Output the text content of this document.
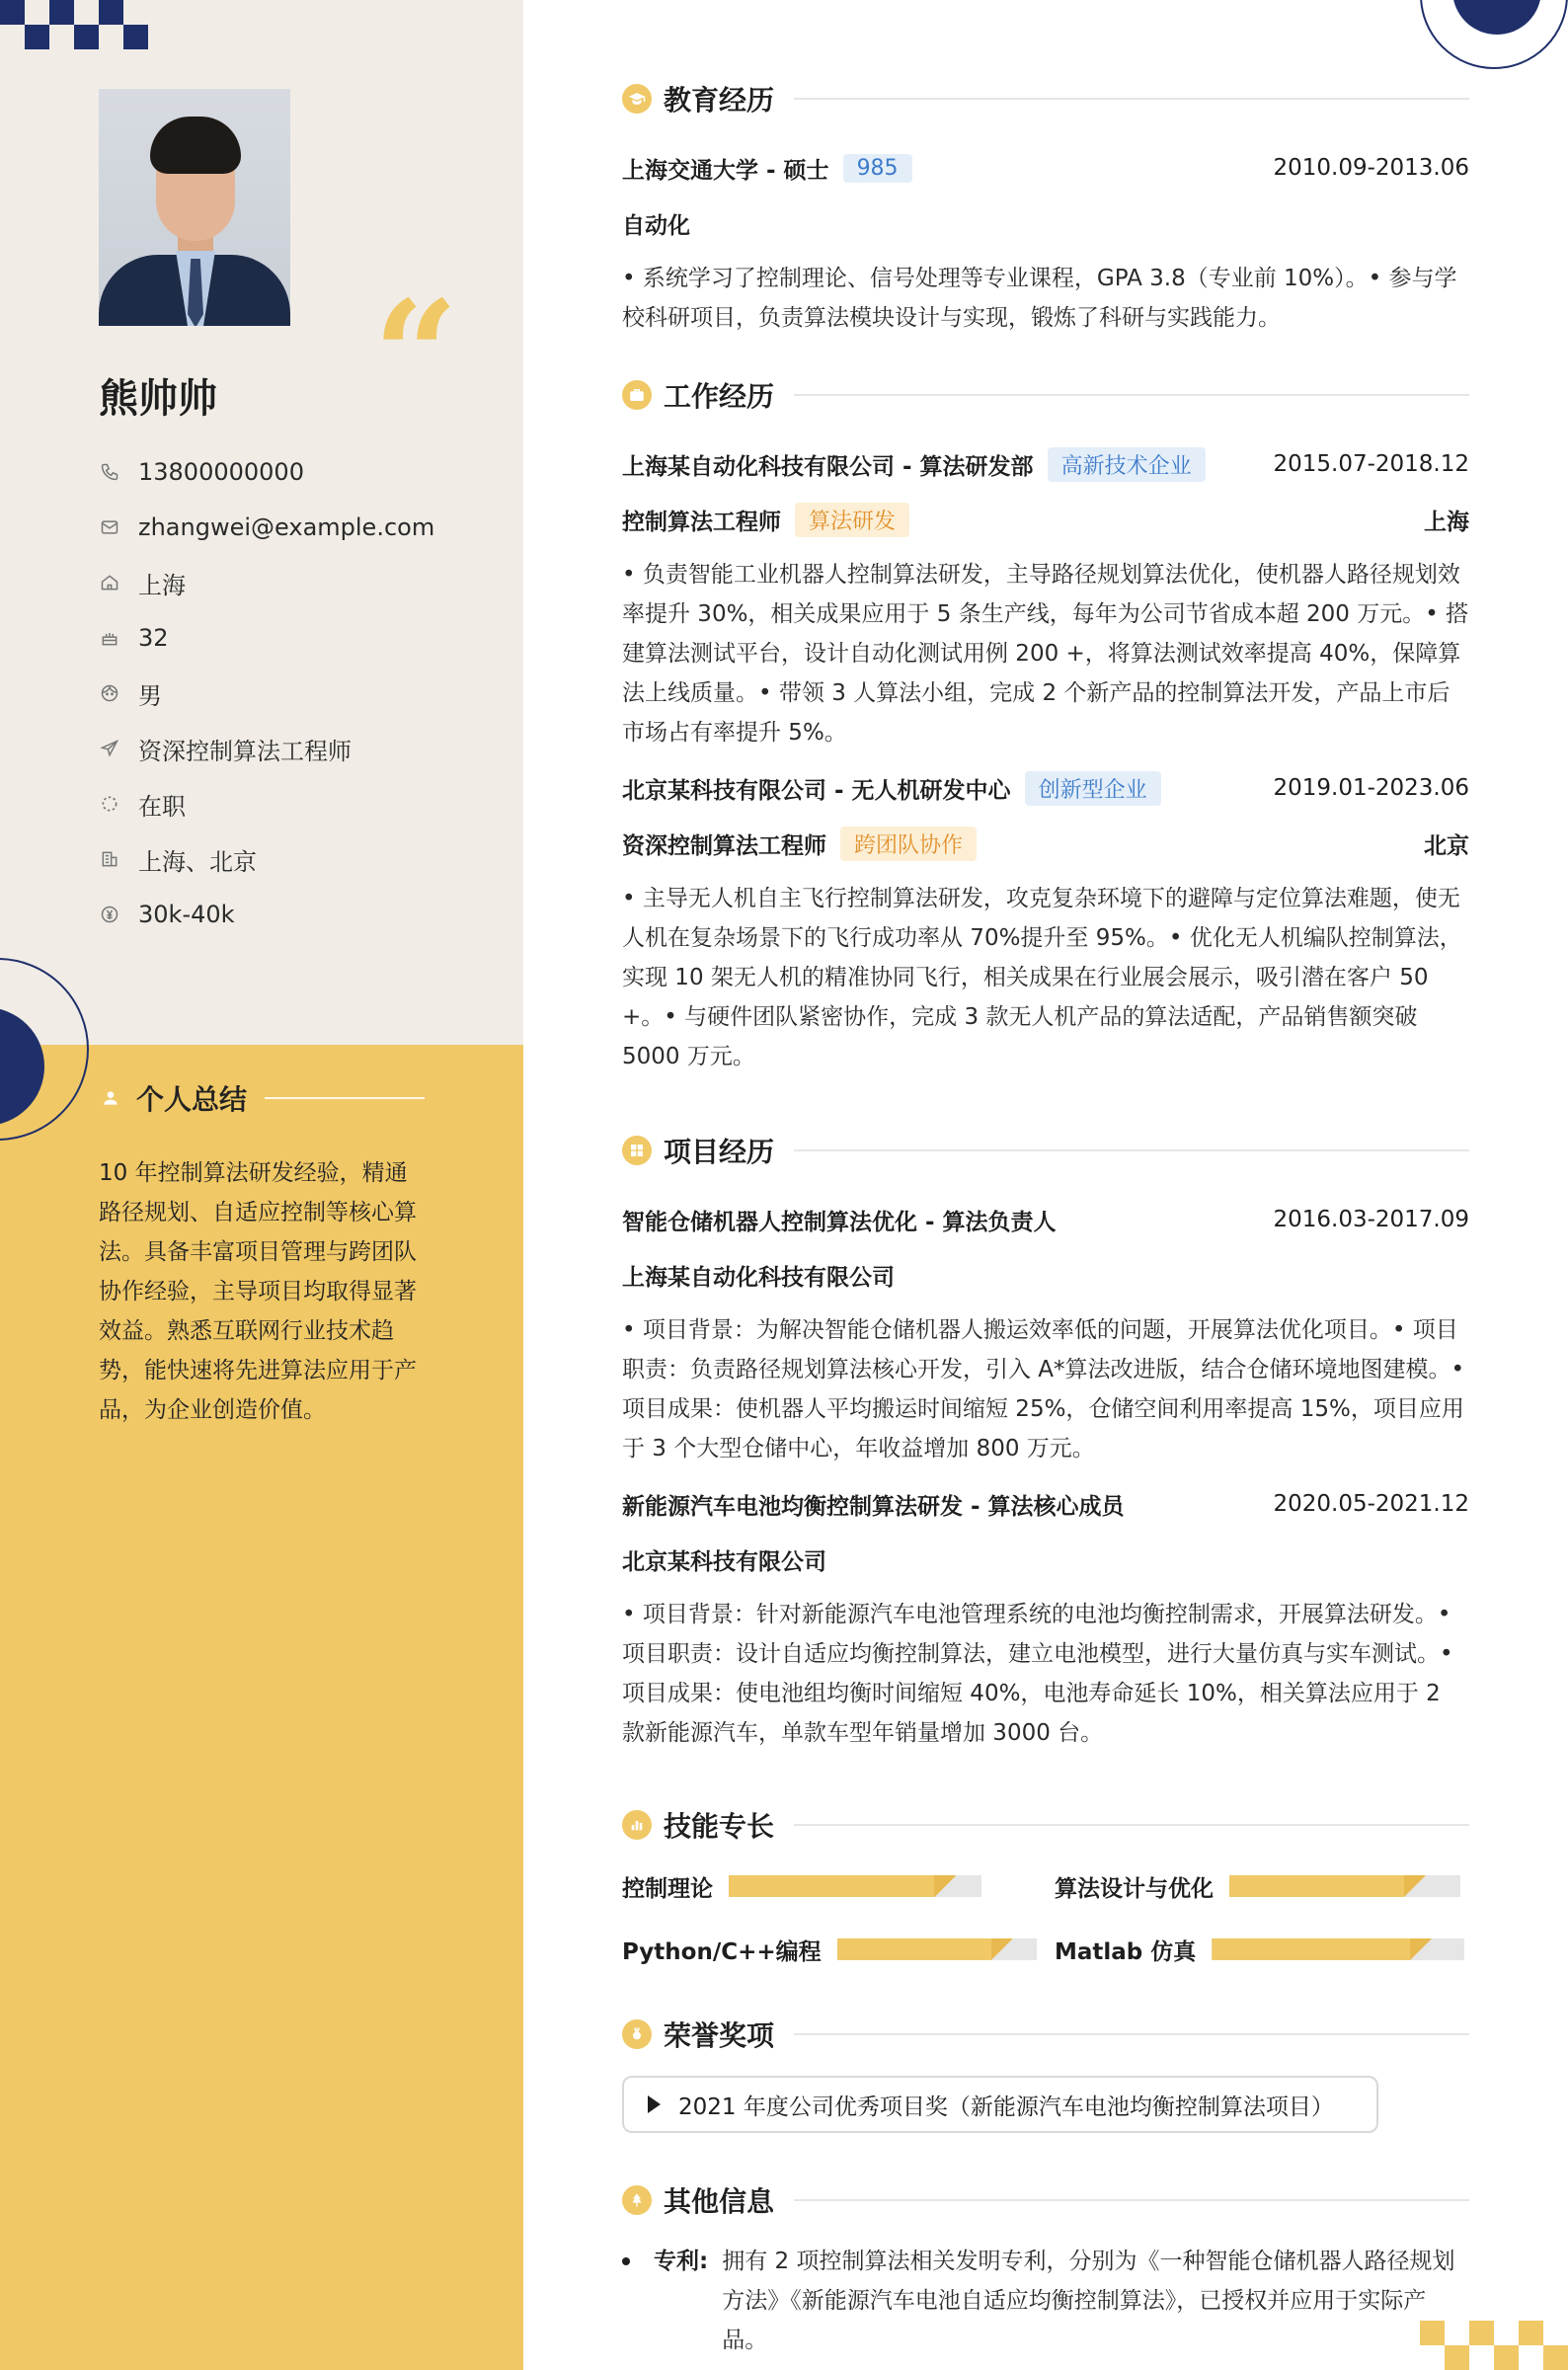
“
熊帅帅
13800000000
zhangwei@example.com
上海
32
男
资深控制算法工程师
在职
上海、北京
30k-40k
个人总结
10 年控制算法研发经验，精通路径规划、自适应控制等核心算法。具备丰富项目管理与跨团队协作经验，主导项目均取得显著效益。熟悉互联网行业技术趋势，能快速将先进算法应用于产品，为企业创造价值。
教育经历
上海交通大学 - 硕士	985	2010.09-2013.06
自动化
• 系统学习了控制理论、信号处理等专业课程，GPA 3.8（专业前 10%）。• 参与学校科研项目，负责算法模块设计与实现，锻炼了科研与实践能力。
工作经历
上海某自动化科技有限公司 - 算法研发部	高新技术企业	2015.07-2018.12
控制算法工程师	算法研发	上海
• 负责智能工业机器人控制算法研发，主导路径规划算法优化，使机器人路径规划效率提升 30%，相关成果应用于 5 条生产线，每年为公司节省成本超 200 万元。• 搭建算法测试平台，设计自动化测试用例 200 +，将算法测试效率提高 40%，保障算法上线质量。• 带领 3 人算法小组，完成 2 个新产品的控制算法开发，产品上市后市场占有率提升 5%。
北京某科技有限公司 - 无人机研发中心	创新型企业	2019.01-2023.06
资深控制算法工程师	跨团队协作	北京
• 主导无人机自主飞行控制算法研发，攻克复杂环境下的避障与定位算法难题，使无人机在复杂场景下的飞行成功率从 70%提升至 95%。• 优化无人机编队控制算法，实现 10 架无人机的精准协同飞行，相关成果在行业展会展示，吸引潜在客户 50 +。• 与硬件团队紧密协作，完成 3 款无人机产品的算法适配，产品销售额突破 5000 万元。
项目经历
智能仓储机器人控制算法优化 - 算法负责人	2016.03-2017.09
上海某自动化科技有限公司
• 项目背景：为解决智能仓储机器人搬运效率低的问题，开展算法优化项目。• 项目职责：负责路径规划算法核心开发，引入 A*算法改进版，结合仓储环境地图建模。• 项目成果：使机器人平均搬运时间缩短 25%，仓储空间利用率提高 15%，项目应用于 3 个大型仓储中心，年收益增加 800 万元。
新能源汽车电池均衡控制算法研发 - 算法核心成员	2020.05-2021.12
北京某科技有限公司
• 项目背景：针对新能源汽车电池管理系统的电池均衡控制需求，开展算法研发。• 项目职责：设计自适应均衡控制算法，建立电池模型，进行大量仿真与实车测试。• 项目成果：使电池组均衡时间缩短 40%，电池寿命延长 10%，相关算法应用于 2 款新能源汽车，单款车型年销量增加 3000 台。
技能专长
控制理论	算法设计与优化
Python/C++编程	Matlab 仿真
荣誉奖项
2021 年度公司优秀项目奖（新能源汽车电池均衡控制算法项目）
其他信息
专利: 拥有 2 项控制算法相关发明专利，分别为《一种智能仓储机器人路径规划方法》《新能源汽车电池自适应均衡控制算法》，已授权并应用于实际产品。
